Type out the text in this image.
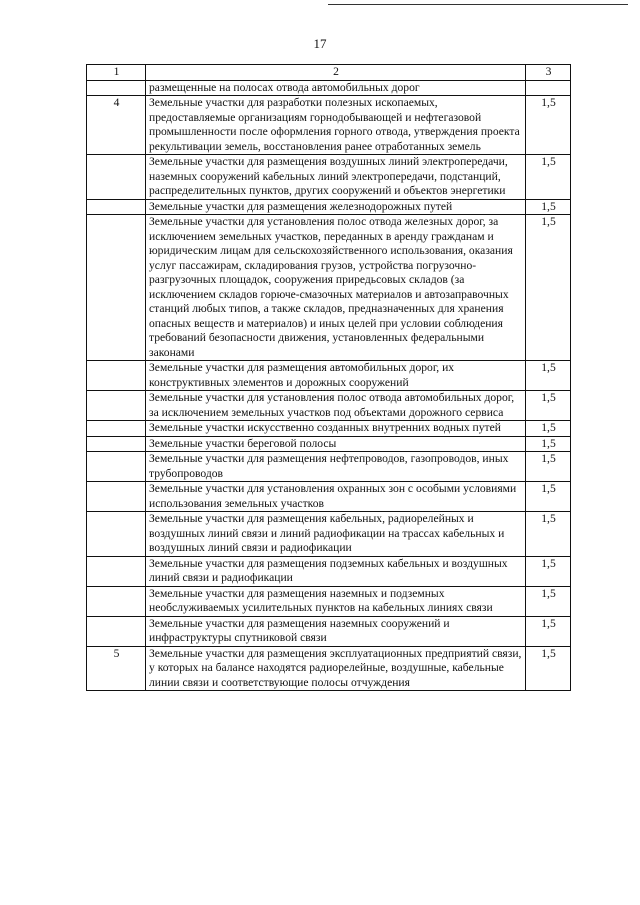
17
1	2	3
	размещенные на полосах отвода автомобильных дорог	
4	Земельные участки для разработки полезных ископаемых, предоставляемые организациям горнодобывающей и нефтегазовой промышленности после оформления горного отвода, утверждения проекта рекультивации земель, восстановления ранее отработанных земель	1,5
	Земельные участки для размещения воздушных линий электропередачи, наземных сооружений кабельных линий электропередачи, подстанций, распределительных пунктов, других сооружений и объектов энергетики	1,5
	Земельные участки для размещения железнодорожных путей	1,5
	Земельные участки для установления полос отвода железных дорог, за исключением земельных участков, переданных в аренду гражданам и юридическим лицам для сельскохозяйственного использования, оказания услуг пассажирам, складирования грузов, устройства погрузочно-разгрузочных площадок, сооружения приредьсовых складов (за исключением складов горюче-смазочных материалов и автозаправочных станций любых типов, а также складов, предназначенных для хранения опасных веществ и материалов) и иных целей при условии соблюдения требований безопасности движения, установленных федеральными законами	1,5
	Земельные участки для размещения автомобильных дорог, их конструктивных элементов и дорожных сооружений	1,5
	Земельные участки для установления полос отвода автомобильных дорог, за исключением земельных участков под объектами дорожного сервиса	1,5
	Земельные участки искусственно созданных внутренних водных путей	1,5
	Земельные участки береговой полосы	1,5
	Земельные участки для размещения нефтепроводов, газопроводов, иных трубопроводов	1,5
	Земельные участки для установления охранных зон с особыми условиями использования земельных участков	1,5
	Земельные участки для размещения кабельных, радиорелейных и воздушных линий связи и линий радиофикации на трассах кабельных и воздушных линий связи и радиофикации	1,5
	Земельные участки для размещения подземных кабельных и воздушных линий связи и радиофикации	1,5
	Земельные участки для размещения наземных и подземных необслуживаемых усилительных пунктов на кабельных линиях связи	1,5
	Земельные участки для размещения наземных сооружений и инфраструктуры спутниковой связи	1,5
5	Земельные участки для размещения эксплуатационных предприятий связи, у которых на балансе находятся радиорелейные, воздушные, кабельные линии связи и соответствующие полосы отчуждения	1,5
